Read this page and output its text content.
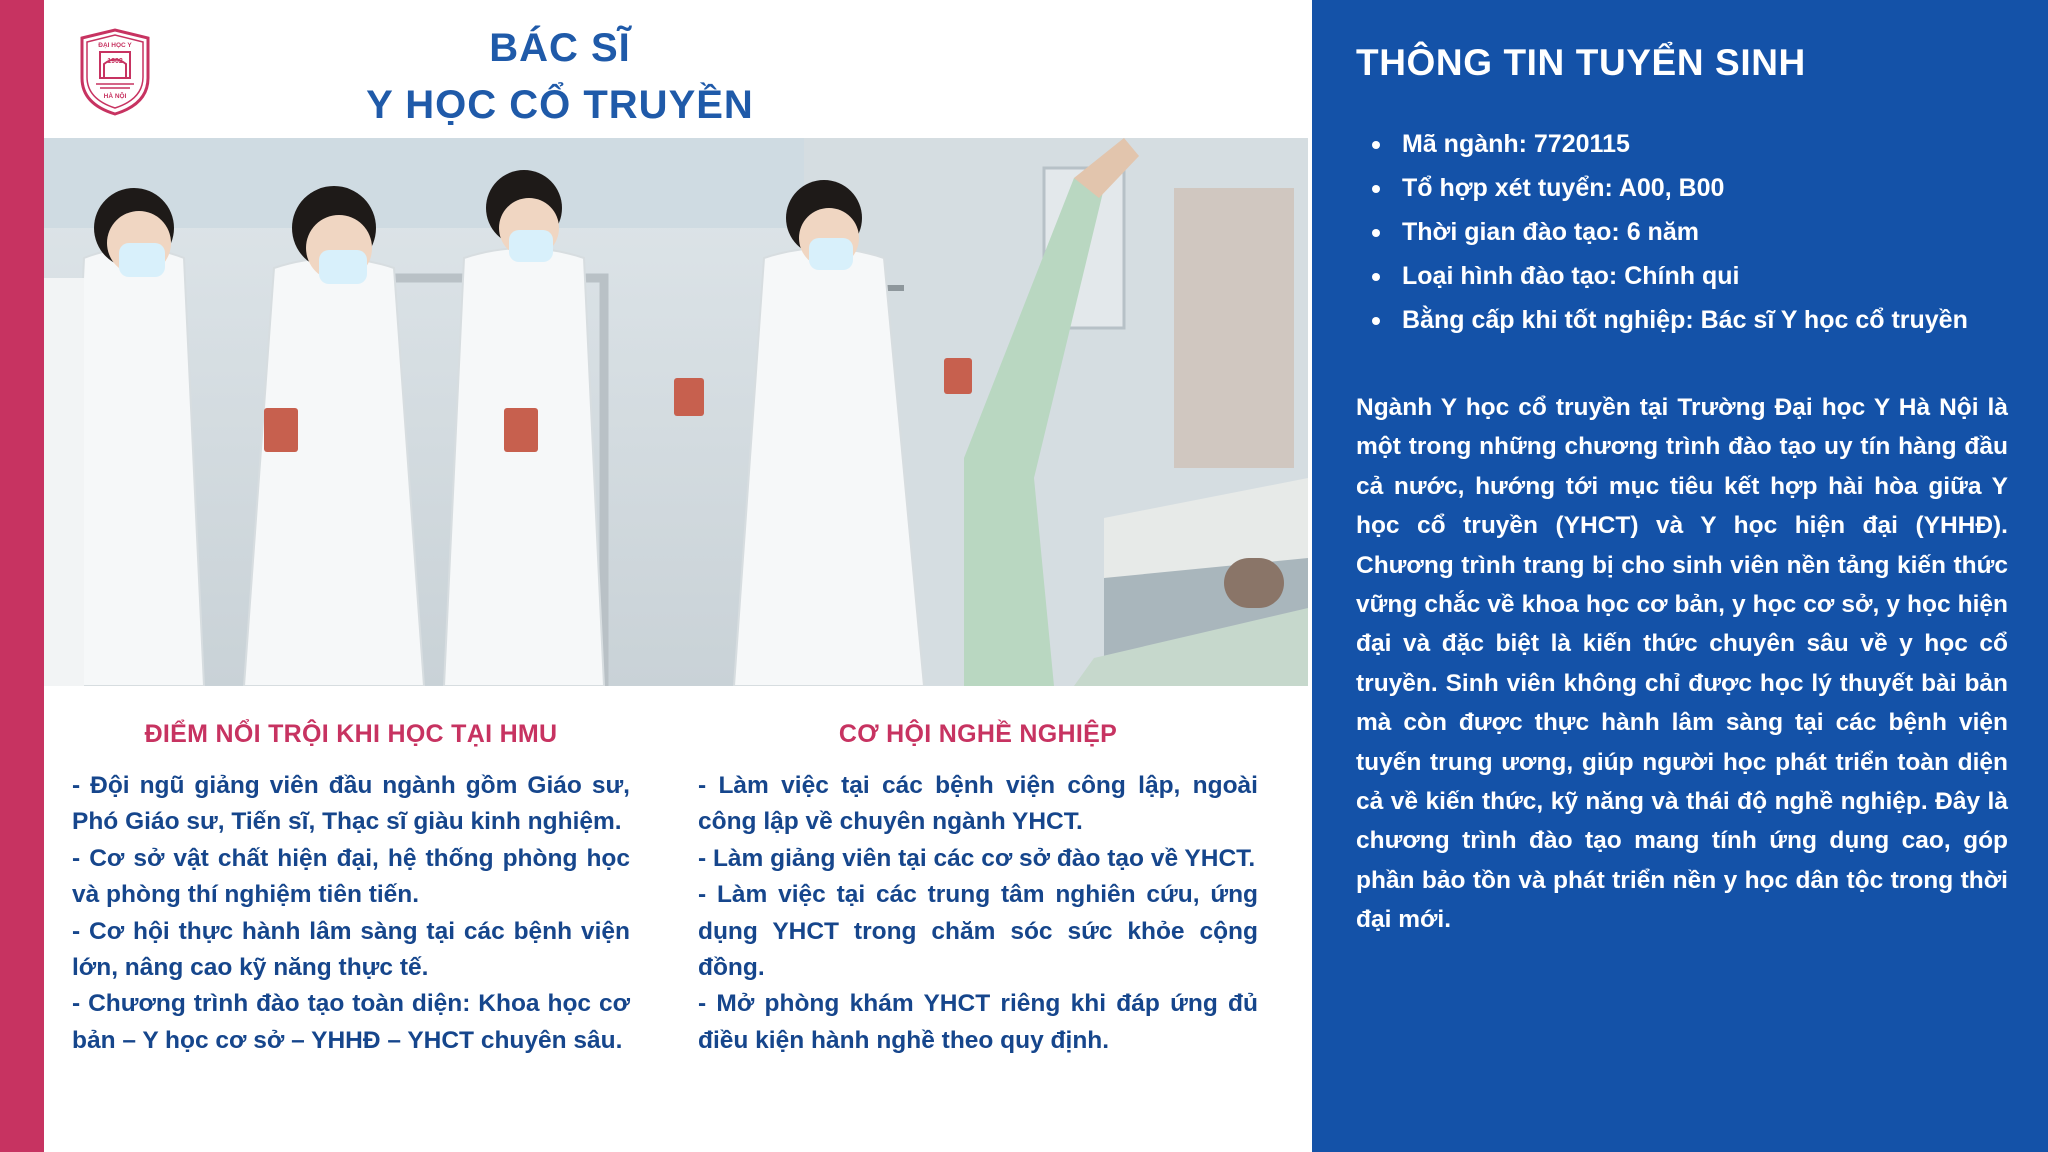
ĐẠI HỌC Y
1902
HÀ NỘI
BÁC SĨ
Y HỌC CỔ TRUYỀN
ĐIỂM NỔI TRỘI KHI HỌC TẠI HMU

- Đội ngũ giảng viên đầu ngành gồm Giáo sư, Phó Giáo sư, Tiến sĩ, Thạc sĩ giàu kinh nghiệm.

- Cơ sở vật chất hiện đại, hệ thống phòng học và phòng thí nghiệm tiên tiến.

- Cơ hội thực hành lâm sàng tại các bệnh viện lớn, nâng cao kỹ năng thực tế.

- Chương trình đào tạo toàn diện: Khoa học cơ bản – Y học cơ sở – YHHĐ – YHCT chuyên sâu.

CƠ HỘI NGHỀ NGHIỆP

- Làm việc tại các bệnh viện công lập, ngoài công lập về chuyên ngành YHCT.

- Làm giảng viên tại các cơ sở đào tạo về YHCT.

- Làm việc tại các trung tâm nghiên cứu, ứng dụng YHCT trong chăm sóc sức khỏe cộng đồng.

- Mở phòng khám YHCT riêng khi đáp ứng đủ điều kiện hành nghề theo quy định.

THÔNG TIN TUYỂN SINH
Mã ngành: 7720115
Tổ hợp xét tuyển: A00, B00
Thời gian đào tạo: 6 năm
Loại hình đào tạo: Chính qui
Bằng cấp khi tốt nghiệp: Bác sĩ Y học cổ truyền

Ngành Y học cổ truyền tại Trường Đại học Y Hà Nội là một trong những chương trình đào tạo uy tín hàng đầu cả nước, hướng tới mục tiêu kết hợp hài hòa giữa Y học cổ truyền (YHCT) và Y học hiện đại (YHHĐ). Chương trình trang bị cho sinh viên nền tảng kiến thức vững chắc về khoa học cơ bản, y học cơ sở, y học hiện đại và đặc biệt là kiến thức chuyên sâu về y học cổ truyền. Sinh viên không chỉ được học lý thuyết bài bản mà còn được thực hành lâm sàng tại các bệnh viện tuyến trung ương, giúp người học phát triển toàn diện cả về kiến thức, kỹ năng và thái độ nghề nghiệp. Đây là chương trình đào tạo mang tính ứng dụng cao, góp phần bảo tồn và phát triển nền y học dân tộc trong thời đại mới.
